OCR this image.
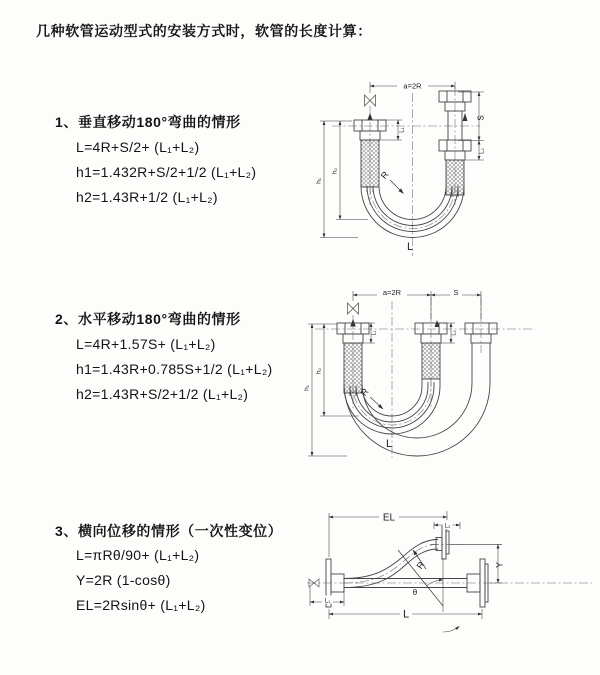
几种软管运动型式的安装方式时，软管的长度计算：
1、垂直移动180°弯曲的情形
L=4R+S/2+ (L₁+L₂)
h1=1.432R+S/2+1/2 (L₁+L₂)
h2=1.43R+1/2 (L₁+L₂)
2、水平移动180°弯曲的情形
L=4R+1.57S+ (L₁+L₂)
h1=1.43R+0.785S+1/2 (L₁+L₂)
h2=1.43R+S/2+1/2 (L₁+L₂)
3、横向位移的情形（一次性变位）
L=πRθ/90+ (L₁+L₂)
Y=2R (1-cosθ)
EL=2Rsinθ+ (L₁+L₂)
a=2R
S
L₂
L₁
h₁
h₂	R
L
a=2R	S
L₁	L₂
h₁
h₂
R
L
EL
L₂
Y
R
θ
L
L₁
